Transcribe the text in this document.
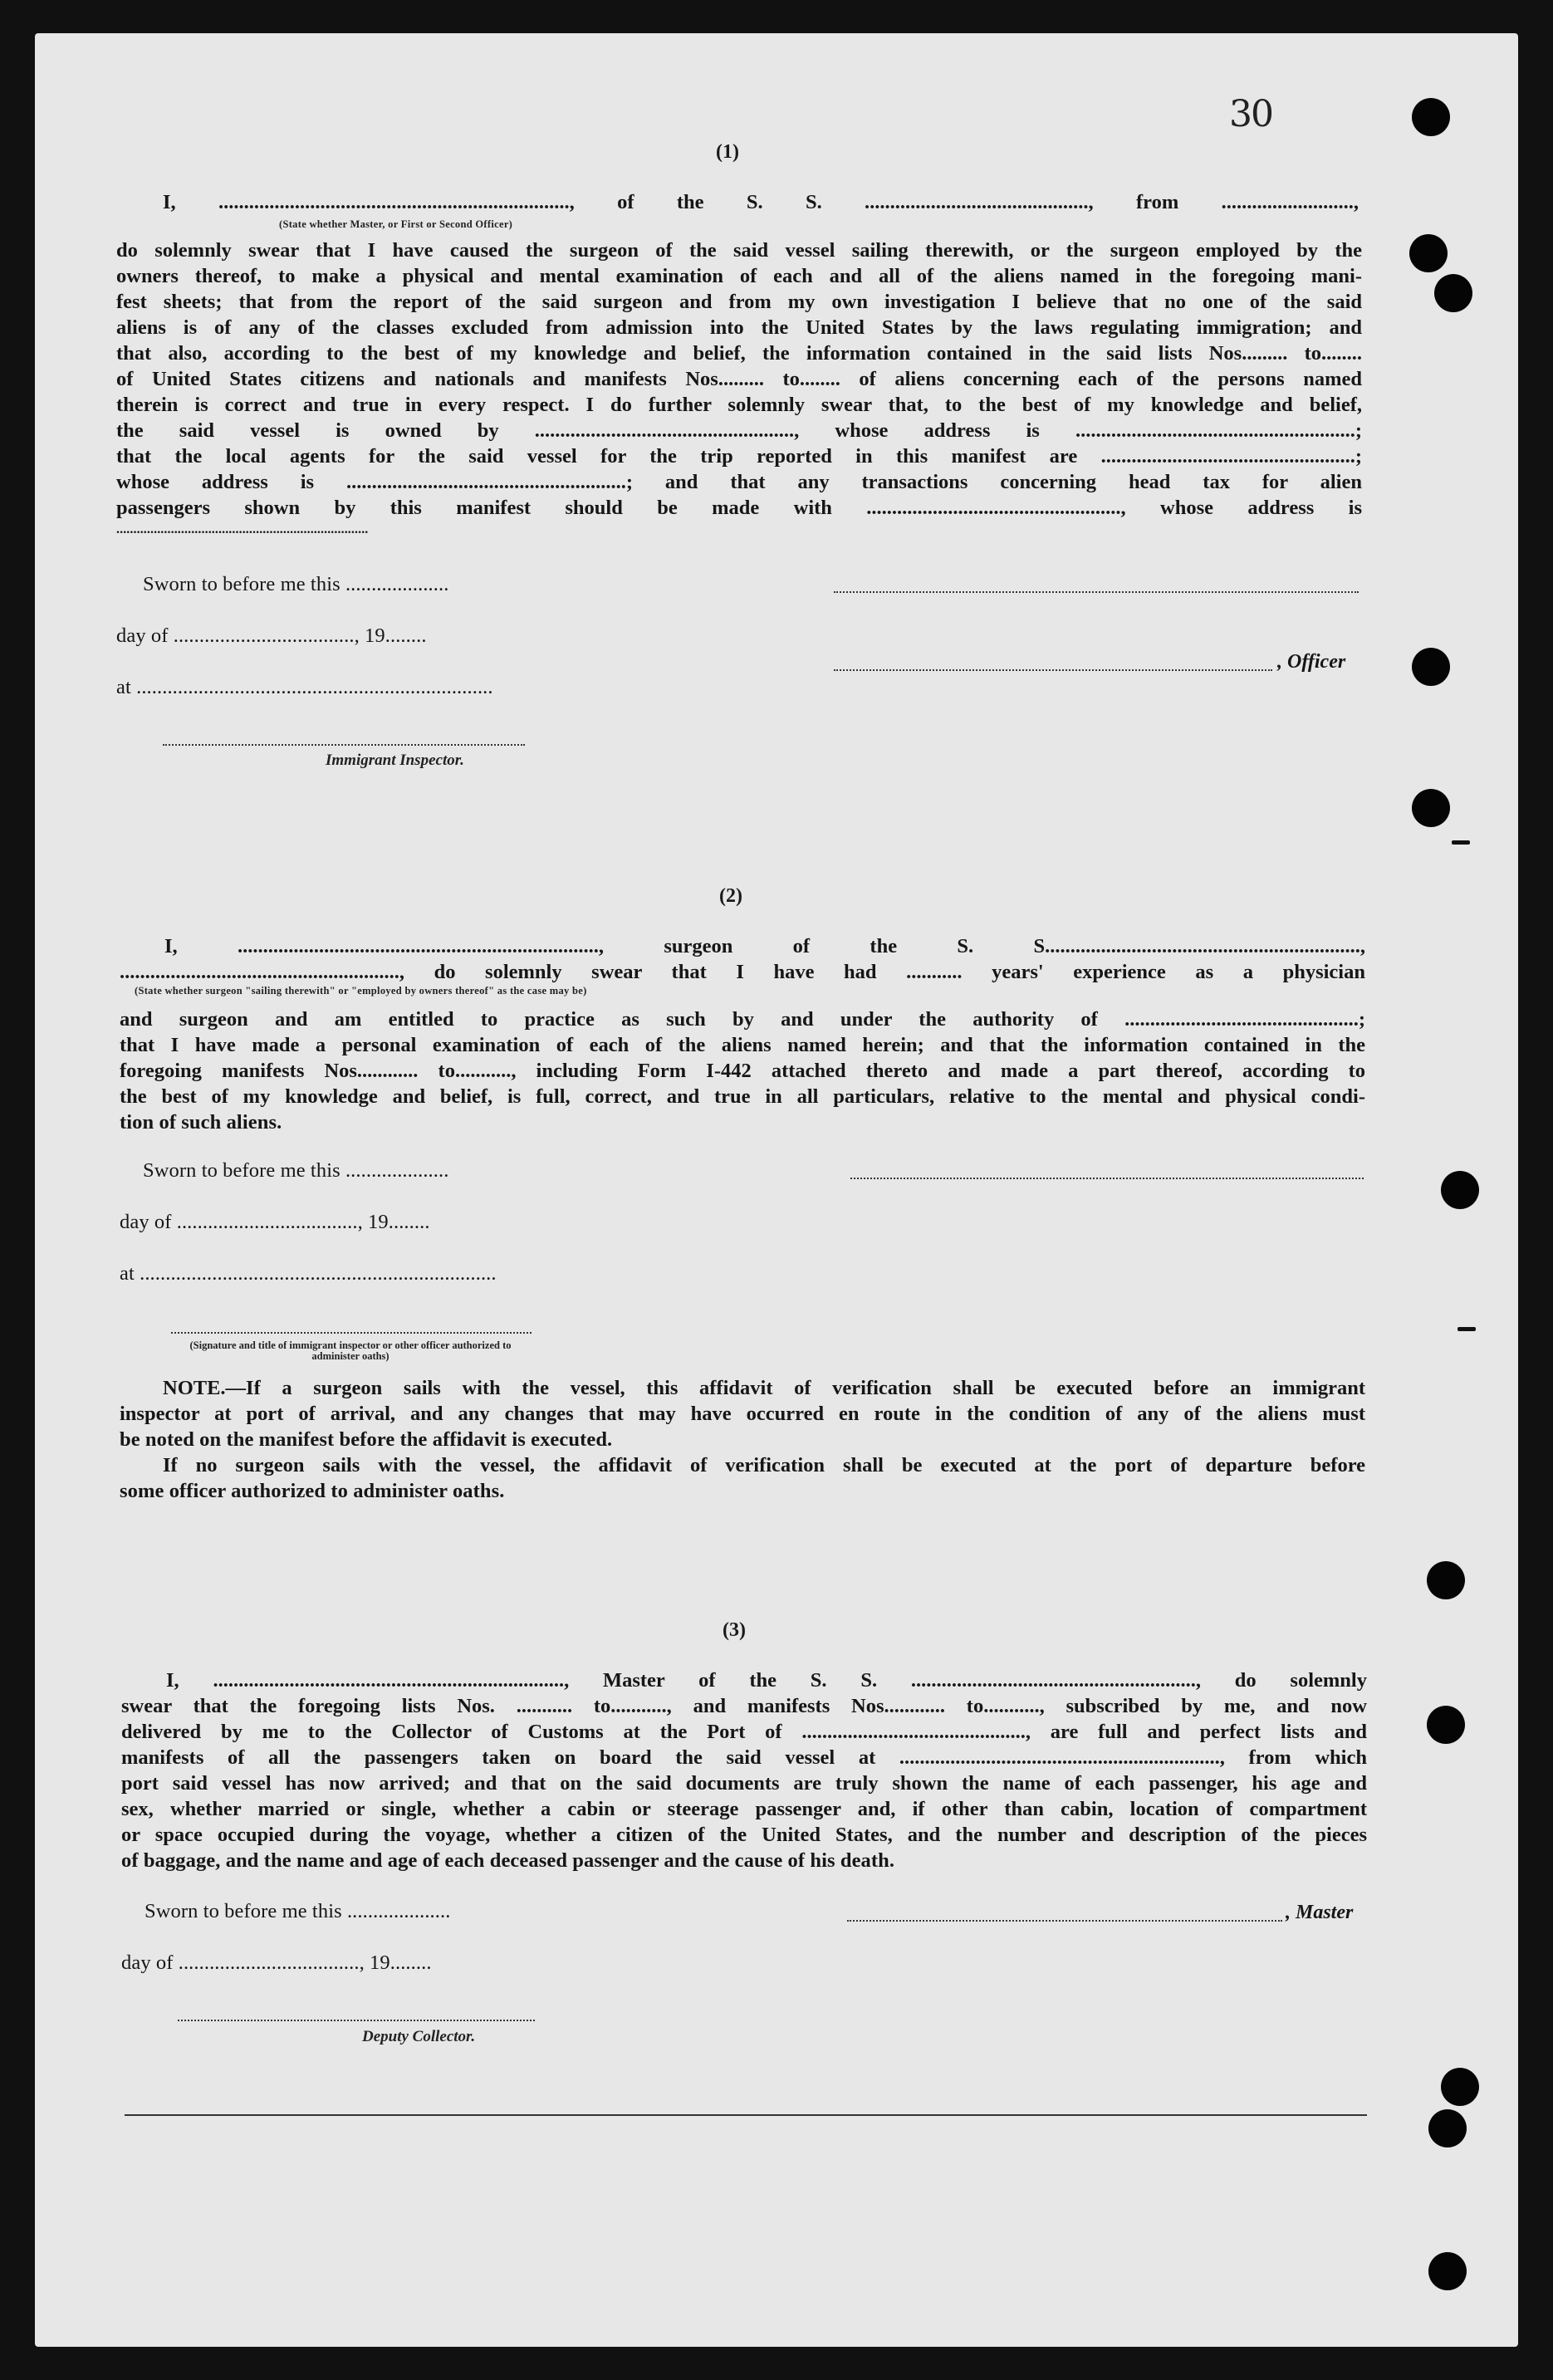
30
(1)
I, ....................................................................., of the S. S. ............................................, from ..........................,
(State whether Master, or First or Second Officer)
do solemnly swear that I have caused the surgeon of the said vessel sailing therewith, or the surgeon employed by the
owners thereof, to make a physical and mental examination of each and all of the aliens named in the foregoing mani-
fest sheets; that from the report of the said surgeon and from my own investigation I believe that no one of the said
aliens is of any of the classes excluded from admission into the United States by the laws regulating immigration; and
that also, according to the best of my knowledge and belief, the information contained in the said lists Nos......... to........
of United States citizens and nationals and manifests Nos......... to........ of aliens concerning each of the persons named
therein is correct and true in every respect. I do further solemnly swear that, to the best of my knowledge and belief,
the said vessel is owned by ..................................................., whose address is .......................................................;
that the local agents for the said vessel for the trip reported in this manifest are ..................................................;
whose address is .......................................................; and that any transactions concerning head tax for alien
passengers shown by this manifest should be made with .................................................., whose address is
..........................................................................
Sworn to before me this ....................
day of ..................................., 19........
, Officer
at .....................................................................
Immigrant Inspector.
(2)
I, ......................................................................., surgeon of the S. S..............................................................,
......................................................., do solemnly swear that I have had ........... years' experience as a physician
(State whether surgeon "sailing therewith" or "employed by owners thereof" as the case may be)
and surgeon and am entitled to practice as such by and under the authority of ..............................................;
that I have made a personal examination of each of the aliens named herein; and that the information contained in the
foregoing manifests Nos............ to..........., including Form I-442 attached thereto and made a part thereof, according to
the best of my knowledge and belief, is full, correct, and true in all particulars, relative to the mental and physical condi-
tion of such aliens.
Sworn to before me this ....................
day of ..................................., 19........
at .....................................................................
(Signature and title of immigrant inspector or other officer authorized to administer oaths)
NOTE.—If a surgeon sails with the vessel, this affidavit of verification shall be executed before an immigrant
inspector at port of arrival, and any changes that may have occurred en route in the condition of any of the aliens must
be noted on the manifest before the affidavit is executed.
If no surgeon sails with the vessel, the affidavit of verification shall be executed at the port of departure before
some officer authorized to administer oaths.
(3)
I, ....................................................................., Master of the S. S. ........................................................, do solemnly
swear that the foregoing lists Nos. ........... to..........., and manifests Nos............ to..........., subscribed by me, and now
delivered by me to the Collector of Customs at the Port of ............................................, are full and perfect lists and
manifests of all the passengers taken on board the said vessel at ..............................................................., from which
port said vessel has now arrived; and that on the said documents are truly shown the name of each passenger, his age and
sex, whether married or single, whether a cabin or steerage passenger and, if other than cabin, location of compartment
or space occupied during the voyage, whether a citizen of the United States, and the number and description of the pieces
of baggage, and the name and age of each deceased passenger and the cause of his death.
Sworn to before me this ....................	, Master
day of ..................................., 19........
Deputy Collector.
